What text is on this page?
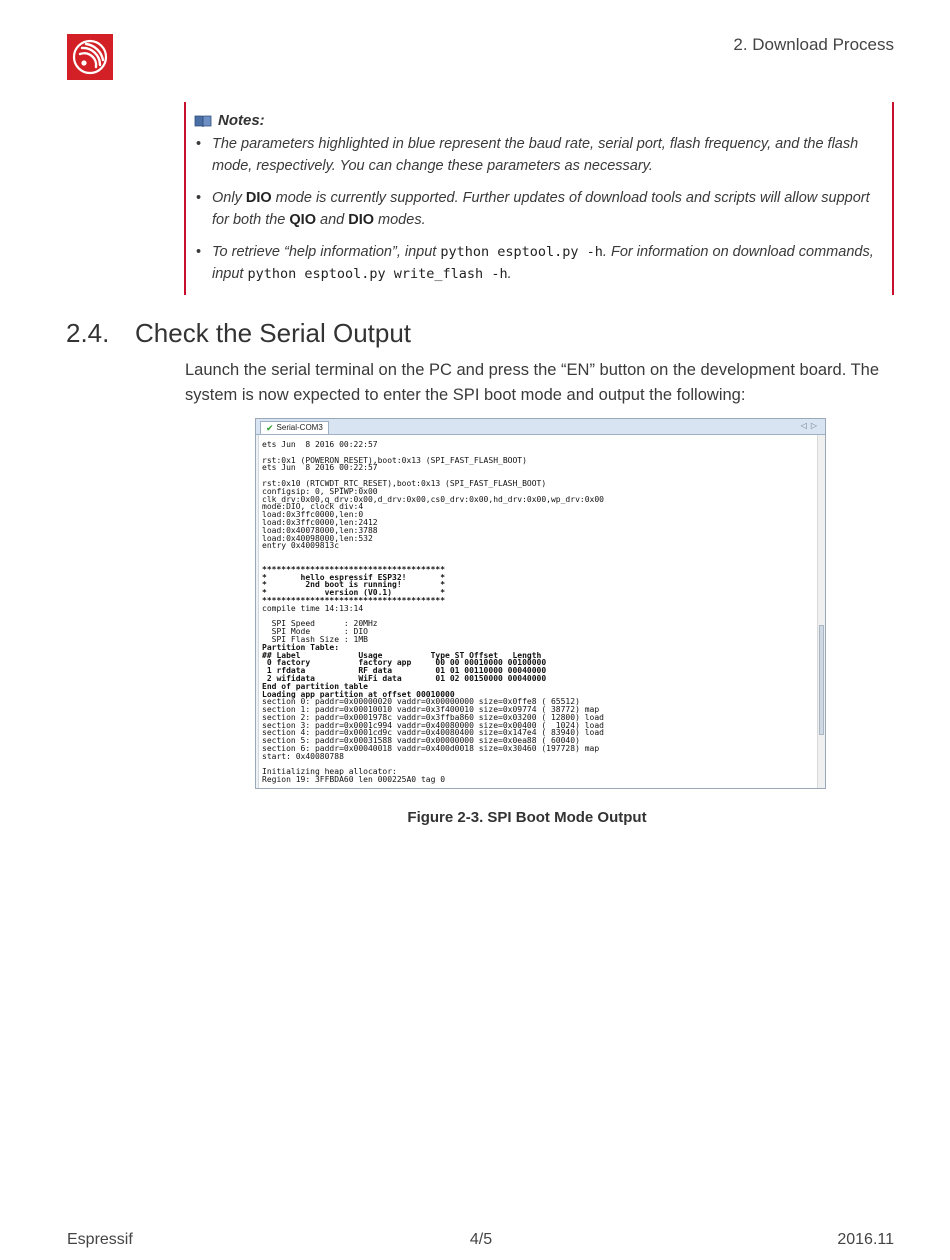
2. Download Process
Notes:
• The parameters highlighted in blue represent the baud rate, serial port, flash frequency, and the flash mode, respectively. You can change these parameters as necessary.
• Only DIO mode is currently supported. Further updates of download tools and scripts will allow support for both the QIO and DIO modes.
• To retrieve “help information”, input python esptool.py -h. For information on download commands, input python esptool.py write_flash -h.
2.4. Check the Serial Output
Launch the serial terminal on the PC and press the “EN” button on the development board. The system is now expected to enter the SPI boot mode and output the following:
✔ Serial-COM3	◁▷
ets Jun  8 2016 00:22:57

rst:0x1 (POWERON_RESET),boot:0x13 (SPI_FAST_FLASH_BOOT)
ets Jun  8 2016 00:22:57

rst:0x10 (RTCWDT_RTC_RESET),boot:0x13 (SPI_FAST_FLASH_BOOT)
configsip: 0, SPIWP:0x00
clk_drv:0x00,q_drv:0x00,d_drv:0x00,cs0_drv:0x00,hd_drv:0x00,wp_drv:0x00
mode:DIO, clock div:4
load:0x3ffc0000,len:0
load:0x3ffc0000,len:2412
load:0x40078000,len:3788
load:0x40098000,len:532
entry 0x4009813c

**************************************
*       hello espressif ESP32!       *
*        2nd boot is running!        *
*            version (V0.1)          *
**************************************
compile time 14:13:14

SPI Speed      : 20MHz
SPI Mode       : DIO
SPI Flash Size : 1MB
Partition Table:
## Label            Usage          Type ST Offset   Length
0 factory          factory app     00 00 00010000 00100000
1 rfdata           RF data         01 01 00110000 00040000
2 wifidata         WiFi data       01 02 00150000 00040000
End of partition table
Loading app partition at offset 00010000
section 0: paddr=0x00000020 vaddr=0x00000000 size=0x0ffe8 ( 65512)
section 1: paddr=0x00010010 vaddr=0x3f400010 size=0x09774 ( 38772) map
section 2: paddr=0x0001978c vaddr=0x3ffba860 size=0x03200 ( 12800) load
section 3: paddr=0x0001c994 vaddr=0x40080000 size=0x00400 (  1024) load
section 4: paddr=0x0001cd9c vaddr=0x40080400 size=0x147e4 ( 83940) load
section 5: paddr=0x00031588 vaddr=0x00000000 size=0x0ea88 ( 60040)
section 6: paddr=0x00040018 vaddr=0x400d0018 size=0x30460 (197728) map
start: 0x40080788

Initializing heap allocator:
Region 19: 3FFBDA60 len 000225A0 tag 0
Figure 2-3. SPI Boot Mode Output
Espressif	4/5	2016.11
